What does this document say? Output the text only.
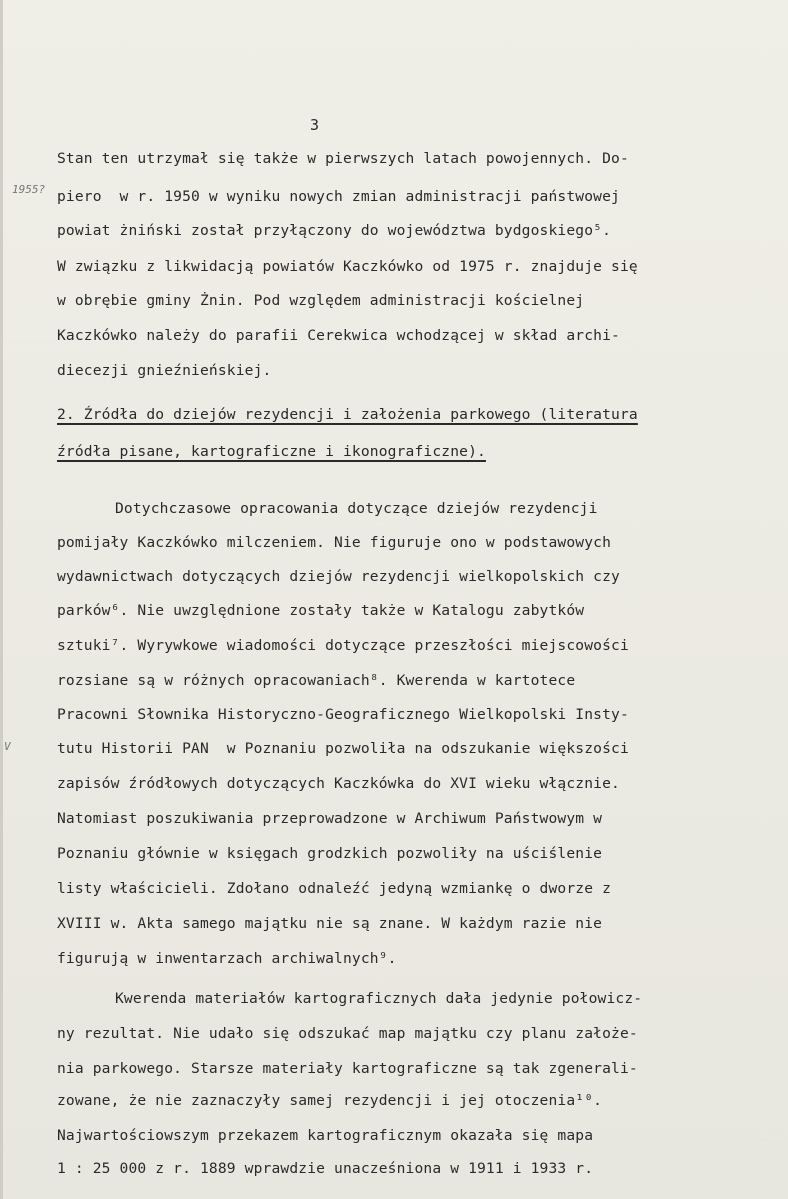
3
1955?
V
Stan ten utrzymał się także w pierwszych latach powojennych. Do-
piero  w r. 1950 w wyniku nowych zmian administracji państwowej
powiat żniński został przyłączony do województwa bydgoskiego⁵.
W związku z likwidacją powiatów Kaczkówko od 1975 r. znajduje się
w obrębie gminy Żnin. Pod względem administracji kościelnej
Kaczkówko należy do parafii Cerekwica wchodzącej w skład archi-
diecezji gnieźnieńskiej.
2. Źródła do dziejów rezydencji i założenia parkowego (literatura
źródła pisane, kartograficzne i ikonograficzne).
Dotychczasowe opracowania dotyczące dziejów rezydencji
pomijały Kaczkówko milczeniem. Nie figuruje ono w podstawowych
wydawnictwach dotyczących dziejów rezydencji wielkopolskich czy
parków⁶. Nie uwzględnione zostały także w Katalogu zabytków
sztuki⁷. Wyrywkowe wiadomości dotyczące przeszłości miejscowości
rozsiane są w różnych opracowaniach⁸. Kwerenda w kartotece
Pracowni Słownika Historyczno-Geograficznego Wielkopolski Insty-
tutu Historii PAN  w Poznaniu pozwoliła na odszukanie większości
zapisów źródłowych dotyczących Kaczkówka do XVI wieku włącznie.
Natomiast poszukiwania przeprowadzone w Archiwum Państwowym w
Poznaniu głównie w księgach grodzkich pozwoliły na uściślenie
listy właścicieli. Zdołano odnaleźć jedyną wzmiankę o dworze z
XVIII w. Akta samego majątku nie są znane. W każdym razie nie
figurują w inwentarzach archiwalnych⁹.
Kwerenda materiałów kartograficznych dała jedynie połowicz-
ny rezultat. Nie udało się odszukać map majątku czy planu założe-
nia parkowego. Starsze materiały kartograficzne są tak zgenerali-
zowane, że nie zaznaczyły samej rezydencji i jej otoczenia¹⁰.
Najwartościowszym przekazem kartograficznym okazała się mapa
1 : 25 000 z r. 1889 wprawdzie unacześniona w 1911 i 1933 r.
